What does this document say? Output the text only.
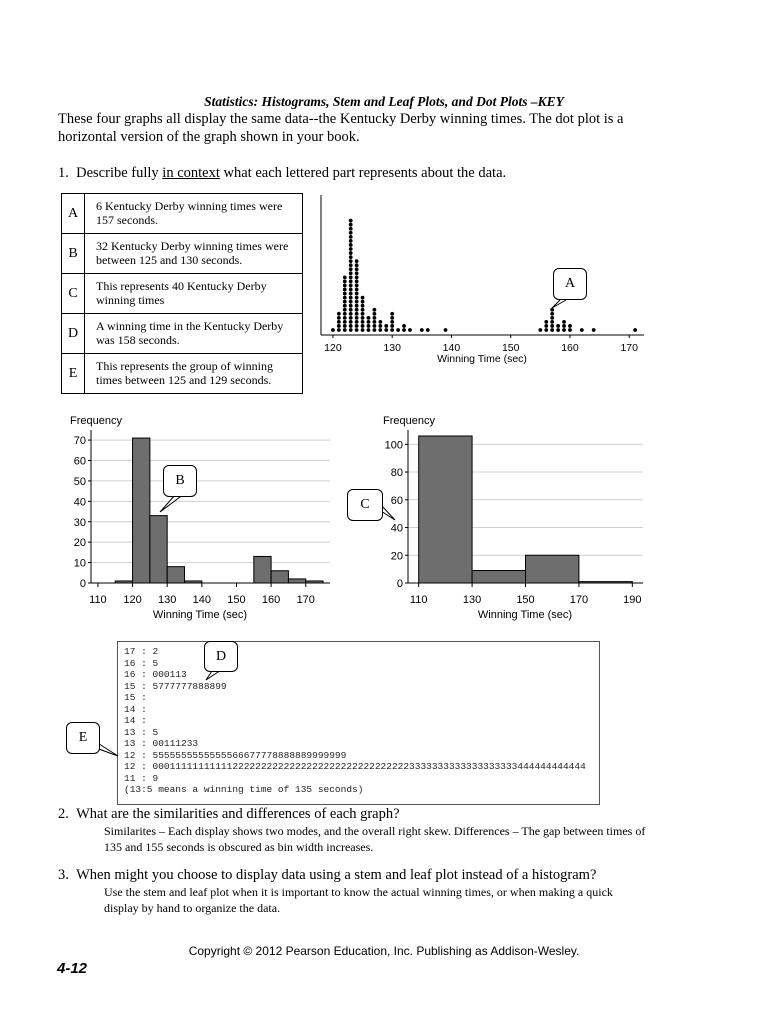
Statistics: Histograms, Stem and Leaf Plots, and Dot Plots –KEY
These four graphs all display the same data--the Kentucky Derby winning times. The dot plot is a horizontal version of the graph shown in your book.
1. Describe fully in context what each lettered part represents about the data.
A	6 Kentucky Derby winning times were 157 seconds.
B	32 Kentucky Derby winning times were between 125 and 130 seconds.
C	This represents 40 Kentucky Derby winning times
D	A winning time in the Kentucky Derby was 158 seconds.
E	This represents the group of winning times between 125 and 129 seconds.
120	130	140	150	160	170
Winning Time (sec)
Frequency
0
10
20
30
40
50
60
70
110 120 130 140 150 160 170
Winning Time (sec)
Frequency
0
20
40
60
80
100
110	130	150	170	190
Winning Time (sec)
17 : 2
16 : 5
16 : 000113
15 : 5777777888899
15 :
14 :
14 :
13 : 5
13 : 00111233
12 : 5555555555555566677778888889999999
12 : 0001111111111122222222222222222222222222222223333333333333333333444444444444
11 : 9
(13:5 means a winning time of 135 seconds)
A
B
C
D
E
2. What are the similarities and differences of each graph?
Similarites – Each display shows two modes, and the overall right skew. Differences – The gap between times of 135 and 155 seconds is obscured as bin width increases.
3. When might you choose to display data using a stem and leaf plot instead of a histogram?
Use the stem and leaf plot when it is important to know the actual winning times, or when making a quick display by hand to organize the data.
Copyright © 2012 Pearson Education, Inc. Publishing as Addison-Wesley.
4-12
